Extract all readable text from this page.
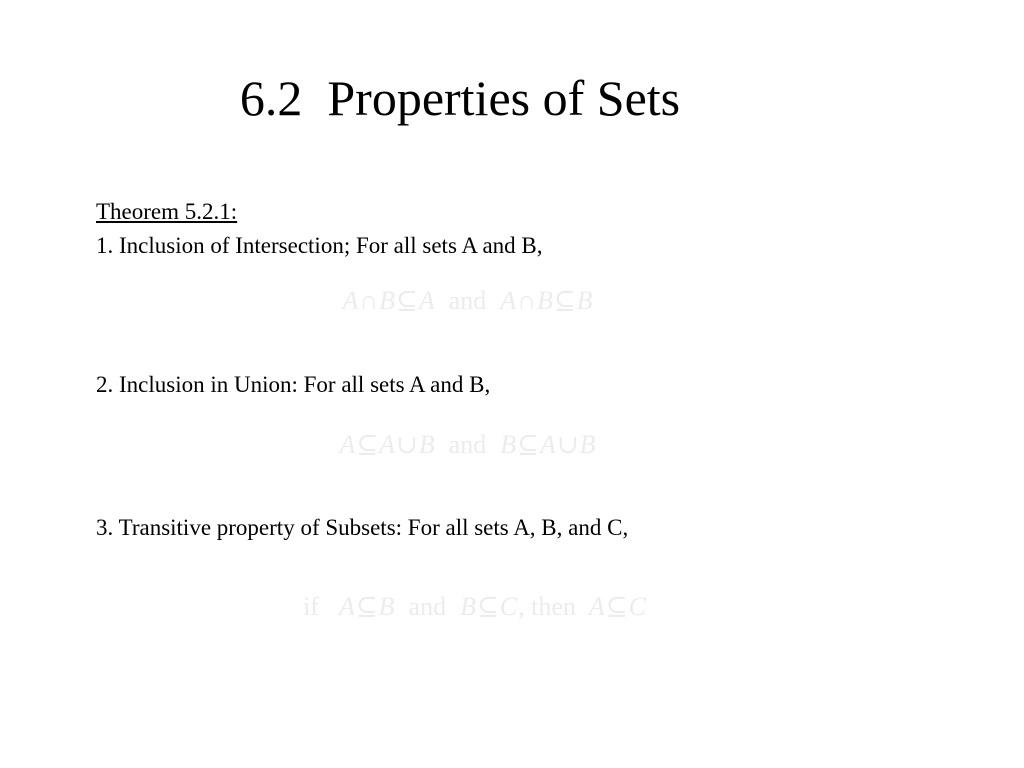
6.2  Properties of Sets
Theorem 5.2.1:
1. Inclusion of Intersection; For all sets A and B,
A∩B⊆A and A∩B⊆B
2. Inclusion in Union: For all sets A and B,
A⊆A∪B and B⊆A∪B
3. Transitive property of Subsets: For all sets A, B, and C,
if A⊆B and B⊆C, then A⊆C
